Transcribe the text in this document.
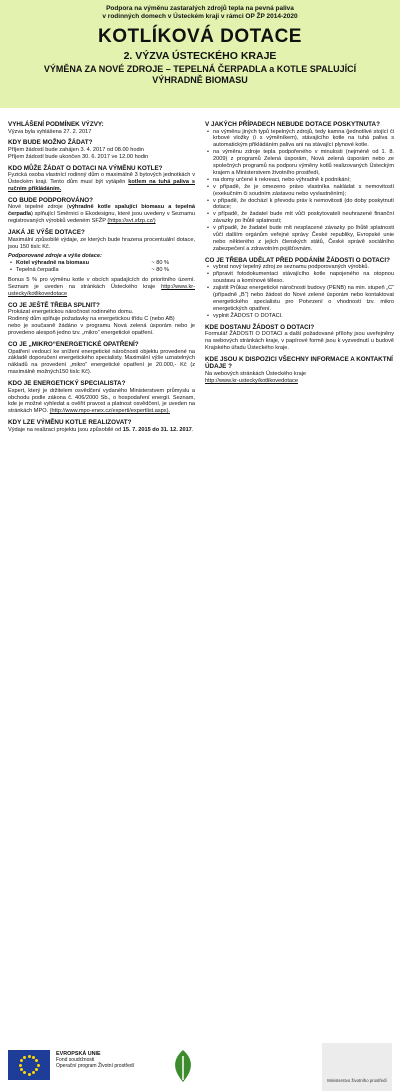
Podpora na výměnu zastaralých zdrojů tepla na pevná paliva
v rodinných domech v Ústeckém kraji v rámci OP ŽP 2014-2020
KOTLÍKOVÁ DOTACE
2. VÝZVA ÚSTECKÉHO KRAJE
VÝMĚNA ZA NOVÉ ZDROJE – TEPELNÁ ČERPADLA a KOTLE SPALUJÍCÍ
VÝHRADNĚ BIOMASU

VYHLÁŠENÍ PODMÍNEK VÝZVY:

Výzva byla vyhlášena 27. 2. 2017

KDY BUDE MOŽNO ŽÁDAT?

Příjem žádostí bude zahájen 3. 4. 2017 od 08.00 hodin

Příjem žádostí bude ukončen 30. 6. 2017 ve 12.00 hodin

KDO MŮŽE ŽÁDAT O DOTACI NA VÝMĚNU KOTLE?

Fyzická osoba vlastnící rodinný dům o maximálně 3 bytových jednotkách v Ústeckém kraji. Tento dům musí být vytápěn kotlem na tuhá paliva s ručním přikládáním.

CO BUDE PODPOROVÁNO?

Nové tepelné zdroje (výhradně kotle spalující biomasu a tepelná čerpadla) splňující Směrnici o Ekodesignu, které jsou uvedeny v Seznamu registrovaných výrobků vedeném SFŽP (https://svt.sfzp.cz/)

JAKÁ JE VÝŠE DOTACE?

Maximální způsobilé výdaje, ze kterých bude hrazena procentuální dotace, jsou 150 tisíc Kč.

Podporované zdroje a výše dotace:

• Kotel výhradně na biomasu	~ 80 %
• Tepelná čerpadla	~ 80 %

Bonus 5 % pro výměnu kotle v obcích spadajících do prioritního území. Seznam je uveden na stránkách Ústeckého kraje http://www.kr-ustecky/kotlikovedotace

CO JE JEŠTĚ TŘEBA SPLNIT?

Prokázat energetickou náročnost rodinného domu.

Rodinný dům splňuje požadavky na energetickou třídu C (nebo AB)

nebo je současně žádáno v programu Nová zelená úsporám nebo je provedeno alespoň jedno tzv. „mikro“ energetické opatření.

CO JE „MIKRO“ENERGETICKÉ OPATŘENÍ?

Opatření vedoucí ke snížení energetické náročnosti objektu provedené na základě doporučení energetického specialisty. Maximální výše uznatelných nákladů na provedení „mikro“ energetické opatření je 20.000,- Kč (z maximálně možných150 tisíc Kč).

KDO JE ENERGETICKÝ SPECIALISTA?

Expert, který je držitelem osvědčení vydaného Ministerstvem průmyslu a obchodu podle zákona č. 406/2000 Sb., o hospodaření energií. Seznam, kde je možné vyhledat a ověřit pravost a platnost osvědčení, je uveden na stránkách MPO. (http://www.mpo-enex.cz/experti/expertlist.aspx).

KDY LZE VÝMĚNU KOTLE REALIZOVAT?

Výdaje na realizaci projektu jsou způsobilé od 15. 7. 2015 do 31. 12. 2017.

V JAKÝCH PŘÍPADECH NEBUDE DOTACE POSKYTNUTA?

• na výměnu jiných typů tepelných zdrojů, tedy kamna (jednotlivé stojící či krbové vložky (i s výměníkem), stávajícího kotle na tuhá paliva s automatickým přikládáním paliva ani na stávající plynové kotle.
• na výměnu zdroje tepla podpořeného v minulosti (nejméně od 1. 8. 2009) z programů Zelená úsporám, Nová zelená úsporám nebo ze společných programů na podporu výměny kotlů realizovaných Ústeckým krajem a Ministerstvem životního prostředí,
• na domy určené k rekreaci, nebo výhradně k podnikání;
• v případě, že je omezeno právo vlastníka nakládat s nemovitostí (exekučním či soudním zástavou nebo vyvlastněním);
• v případě, že dochází k převodu práv k nemovitosti (do doby poskytnutí dotace;
• v případě, že žadatel bude mít vůči poskytovateli neuhrazené finanční závazky po lhůtě splatnosti;
• v případě, že žadatel bude mít nesplacené závazky po lhůtě splatnosti vůči dalším orgánům veřejné správy České republiky, Evropské unie nebo některého z jejích členských států, České správě sociálního zabezpečení a zdravotním pojišťovnám.

CO JE TŘEBA UDĚLAT PŘED PODÁNÍM ŽÁDOSTI O DOTACI?

• vybrat nový tepelný zdroj ze seznamu podporovaných výrobků.
• připravit fotodokumentaci stávajícího kotle napojeného na otopnou soustavu a komínové těleso.
• zajistit Průkaz energetické náročnosti budovy (PENB) na min. stupeň „C“ (případně „B“) nebo žádost do Nové zelené úsporám nebo kontaktovat energetického specialistu pro Potvrzení o vhodnosti tzv. mikro energetických opatření.
• vyplnit ŽÁDOST O DOTACI.

KDE DOSTANU ŽÁDOST O DOTACI?

Formulář ŽÁDOSTI O DOTACI a další požadované přílohy jsou uveřejněny na webových stránkách kraje, v papírové formě jsou k vyzvednutí u budově Krajského úřadu Ústeckého kraje.

KDE JSOU K DISPOZICI VŠECHNY INFORMACE A KONTAKTNÍ ÚDAJE ?

Na webových stránkách Ústeckého kraje

http://www.kr-ustecky/kotlikovedotace

EVROPSKÁ UNIE
Fond soudržnosti
Operační program Životní prostředí
Ministerstvo životního prostředí
